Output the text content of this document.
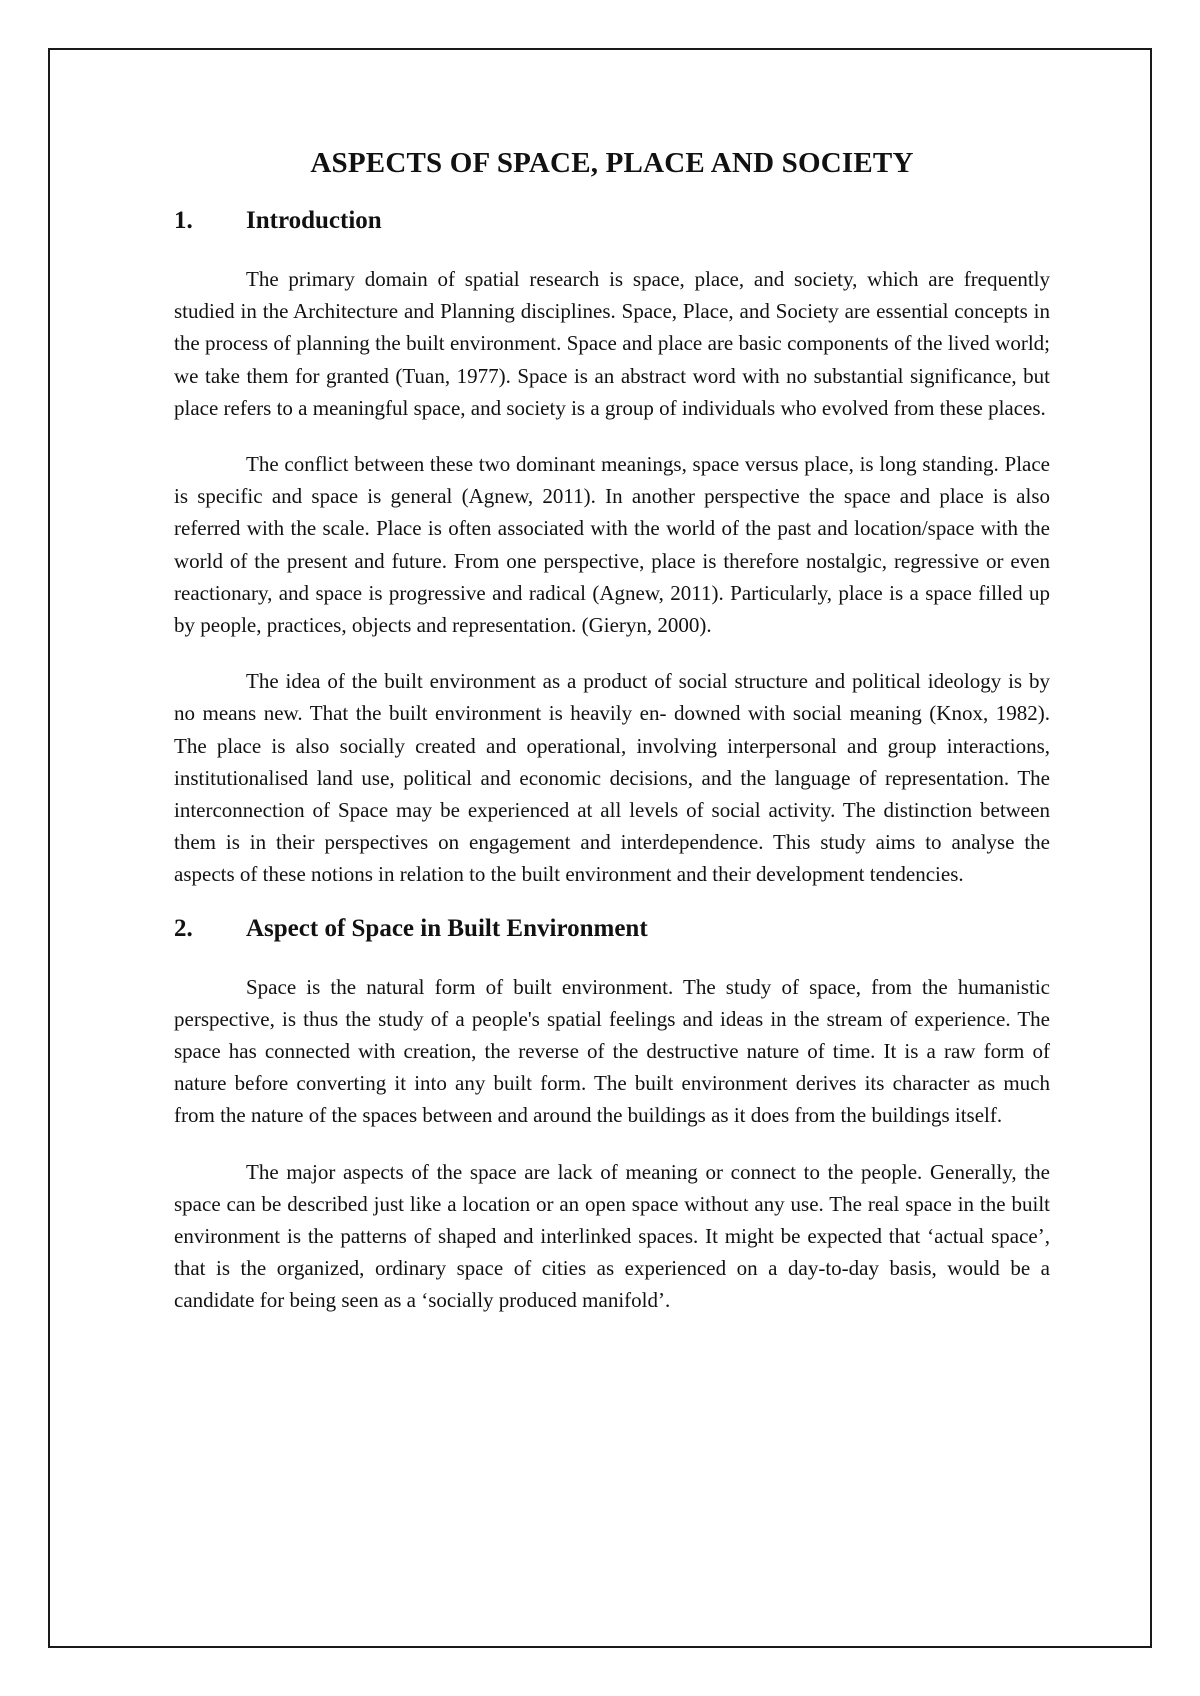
ASPECTS OF SPACE, PLACE AND SOCIETY
1.	Introduction

The primary domain of spatial research is space, place, and society, which are frequently studied in the Architecture and Planning disciplines. Space, Place, and Society are essential concepts in the process of planning the built environment. Space and place are basic components of the lived world; we take them for granted (Tuan, 1977). Space is an abstract word with no substantial significance, but place refers to a meaningful space, and society is a group of individuals who evolved from these places.

The conflict between these two dominant meanings, space versus place, is long standing. Place is specific and space is general (Agnew, 2011). In another perspective the space and place is also referred with the scale. Place is often associated with the world of the past and location/space with the world of the present and future. From one perspective, place is therefore nostalgic, regressive or even reactionary, and space is progressive and radical (Agnew, 2011). Particularly, place is a space filled up by people, practices, objects and representation. (Gieryn, 2000).

The idea of the built environment as a product of social structure and political ideology is by no means new. That the built environment is heavily en- downed with social meaning (Knox, 1982). The place is also socially created and operational, involving interpersonal and group interactions, institutionalised land use, political and economic decisions, and the language of representation. The interconnection of Space may be experienced at all levels of social activity. The distinction between them is in their perspectives on engagement and interdependence. This study aims to analyse the aspects of these notions in relation to the built environment and their development tendencies.

2.	Aspect of Space in Built Environment

Space is the natural form of built environment. The study of space, from the humanistic perspective, is thus the study of a people's spatial feelings and ideas in the stream of experience. The space has connected with creation, the reverse of the destructive nature of time. It is a raw form of nature before converting it into any built form. The built environment derives its character as much from the nature of the spaces between and around the buildings as it does from the buildings itself.

The major aspects of the space are lack of meaning or connect to the people. Generally, the space can be described just like a location or an open space without any use. The real space in the built environment is the patterns of shaped and interlinked spaces. It might be expected that ‘actual space’, that is the organized, ordinary space of cities as experienced on a day-to-day basis, would be a candidate for being seen as a ‘socially produced manifold’.
